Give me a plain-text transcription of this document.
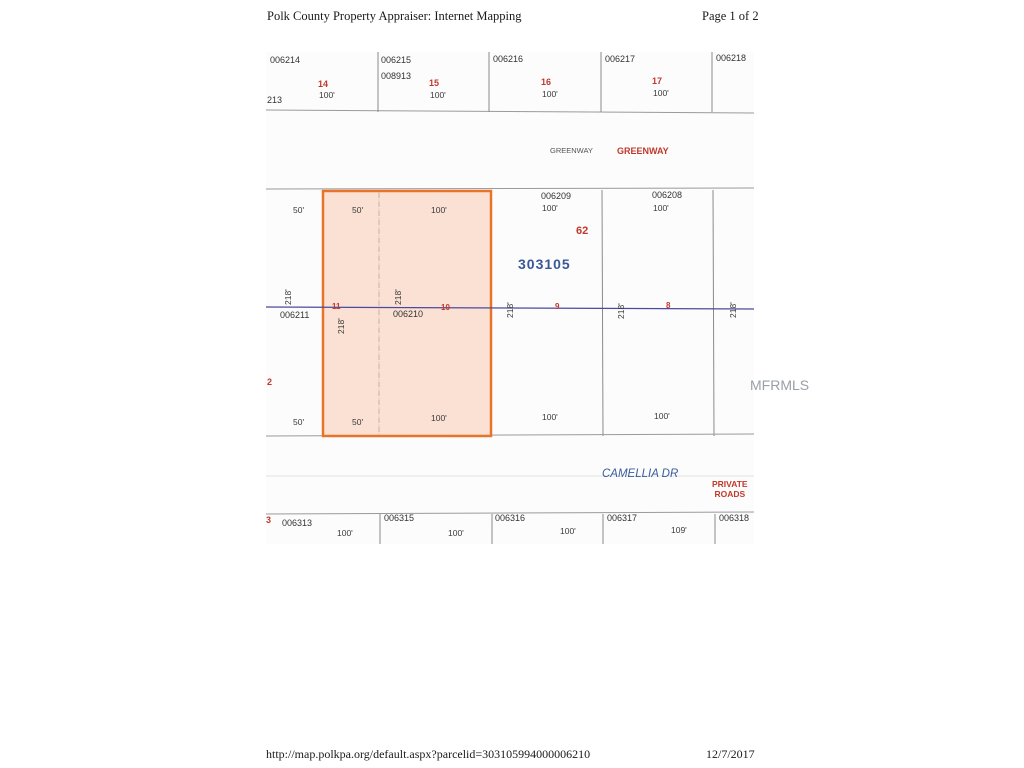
Polk County Property Appraiser: Internet Mapping	Page 1 of 2
006214	006215
008913
006216	006217	006218
213
14	15	16	17
100'	100'	100'	100'
GREENWAY	GREENWAY
50'	50'	100'
006209
100'
006208
100'
62
303105
218'
218'
218'
218'	218'	218'
11	10	9	8
006211	006210
2
50'	50'	100'	100'	100'
CAMELLIA DR
PRIVATE
ROADS
3 006313	006315	006316	006317	006318
100'	100'	100'	109'
MFRMLS
http://map.polkpa.org/default.aspx?parcelid=303105994000006210	12/7/2017
